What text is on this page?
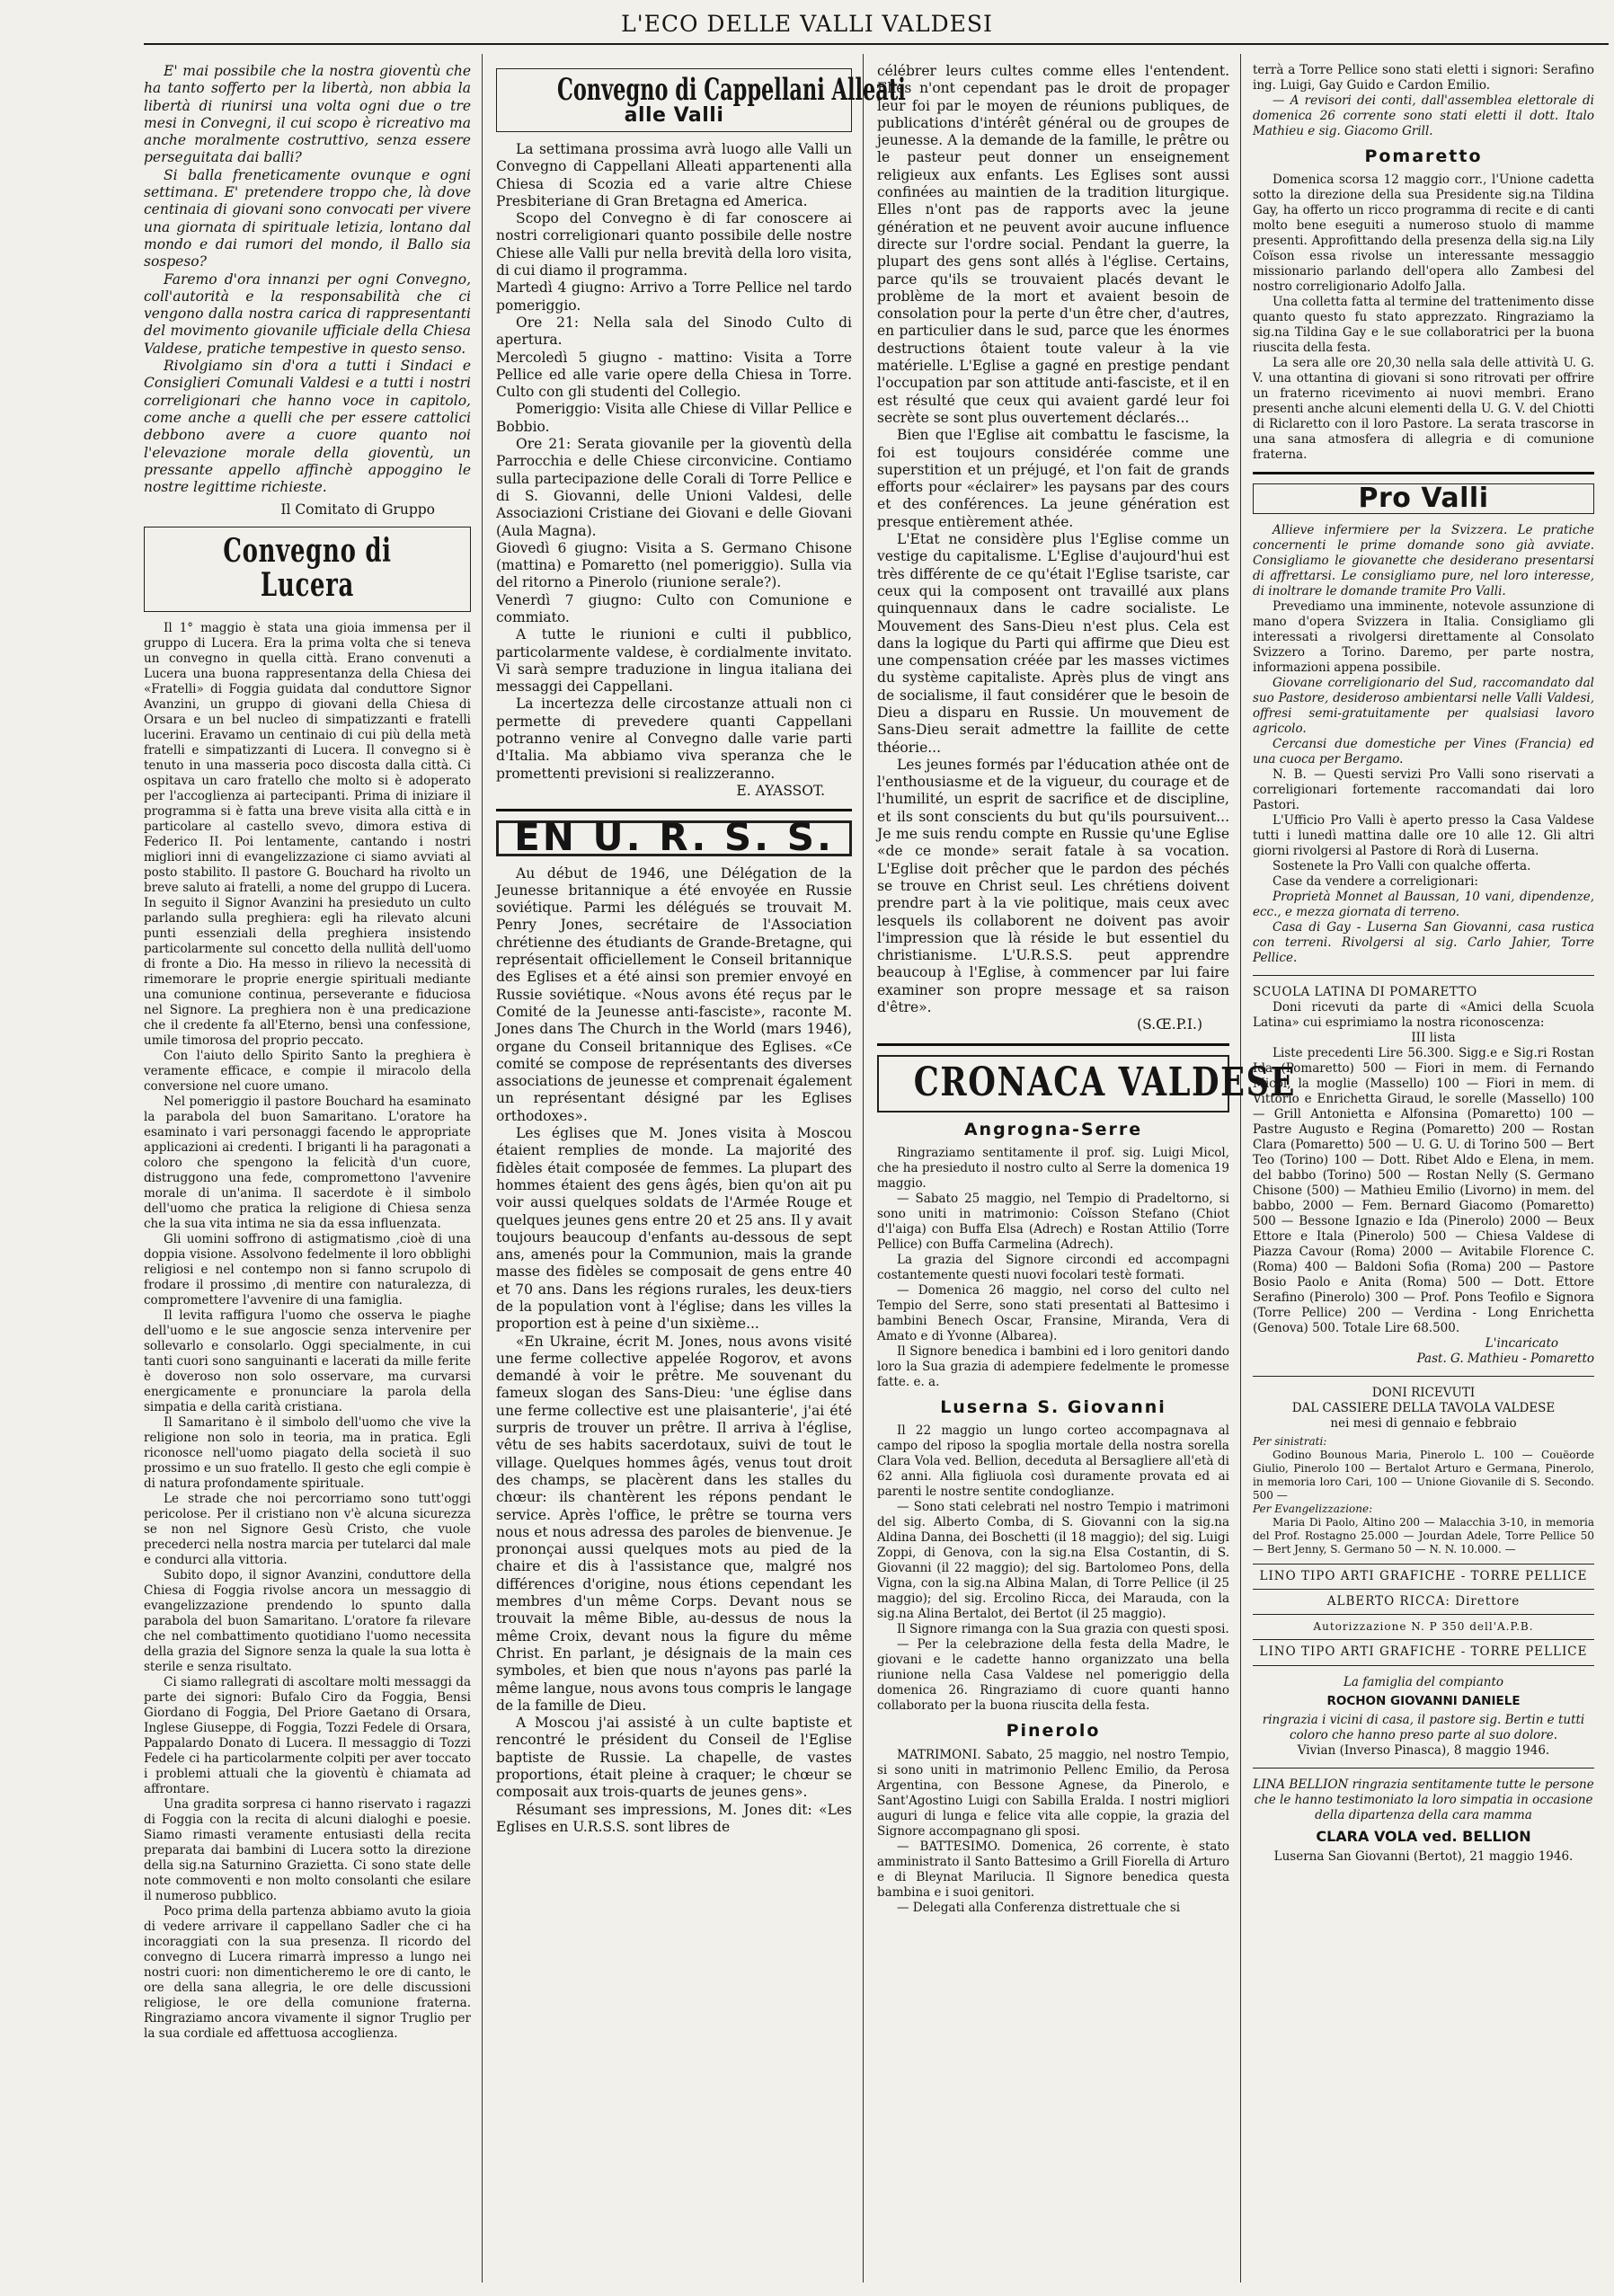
L'ECO DELLE VALLI VALDESI

E' mai possibile che la nostra gioventù che ha tanto sofferto per la libertà, non abbia la libertà di riunirsi una volta ogni due o tre mesi in Convegni, il cui scopo è ricreativo ma anche moralmente costruttivo, senza essere perseguitata dai balli?

Si balla freneticamente ovunque e ogni settimana. E' pretendere troppo che, là dove centinaia di giovani sono convocati per vivere una giornata di spirituale letizia, lontano dal mondo e dai rumori del mondo, il Ballo sia sospeso?

Faremo d'ora innanzi per ogni Convegno, coll'autorità e la responsabilità che ci vengono dalla nostra carica di rappresentanti del movimento giovanile ufficiale della Chiesa Valdese, pratiche tempestive in questo senso.

Rivolgiamo sin d'ora a tutti i Sindaci e Consiglieri Comunali Valdesi e a tutti i nostri correligionari che hanno voce in capitolo, come anche a quelli che per essere cattolici debbono avere a cuore quanto noi l'elevazione morale della gioventù, un pressante appello affinchè appoggino le nostre legittime richieste.

Il Comitato di Gruppo

Convegno di Lucera

Il 1° maggio è stata una gioia immensa per il gruppo di Lucera. Era la prima volta che si teneva un convegno in quella città. Erano convenuti a Lucera una buona rappresentanza della Chiesa dei «Fratelli» di Foggia guidata dal conduttore Signor Avanzini, un gruppo di giovani della Chiesa di Orsara e un bel nucleo di simpatizzanti e fratelli lucerini. Eravamo un centinaio di cui più della metà fratelli e simpatizzanti di Lucera. Il convegno si è tenuto in una masseria poco discosta dalla città. Ci ospitava un caro fratello che molto si è adoperato per l'accoglienza ai partecipanti. Prima di iniziare il programma si è fatta una breve visita alla città e in particolare al castello svevo, dimora estiva di Federico II. Poi lentamente, cantando i nostri migliori inni di evangelizzazione ci siamo avviati al posto stabilito. Il pastore G. Bouchard ha rivolto un breve saluto ai fratelli, a nome del gruppo di Lucera. In seguito il Signor Avanzini ha presieduto un culto parlando sulla preghiera: egli ha rilevato alcuni punti essenziali della preghiera insistendo particolarmente sul concetto della nullità dell'uomo di fronte a Dio. Ha messo in rilievo la necessità di rimemorare le proprie energie spirituali mediante una comunione continua, perseverante e fiduciosa nel Signore. La preghiera non è una predicazione che il credente fa all'Eterno, bensì una confessione, umile timorosa del proprio peccato.

Con l'aiuto dello Spirito Santo la preghiera è veramente efficace, e compie il miracolo della conversione nel cuore umano.

Nel pomeriggio il pastore Bouchard ha esaminato la parabola del buon Samaritano. L'oratore ha esaminato i vari personaggi facendo le appropriate applicazioni ai credenti. I briganti li ha paragonati a coloro che spengono la felicità d'un cuore, distruggono una fede, compromettono l'avvenire morale di un'anima. Il sacerdote è il simbolo dell'uomo che pratica la religione di Chiesa senza che la sua vita intima ne sia da essa influenzata.

Gli uomini soffrono di astigmatismo ,cioè di una doppia visione. Assolvono fedelmente il loro obblighi religiosi e nel contempo non si fanno scrupolo di frodare il prossimo ,di mentire con naturalezza, di compromettere l'avvenire di una famiglia.

Il levita raffigura l'uomo che osserva le piaghe dell'uomo e le sue angoscie senza intervenire per sollevarlo e consolarlo. Oggi specialmente, in cui tanti cuori sono sanguinanti e lacerati da mille ferite è doveroso non solo osservare, ma curvarsi energicamente e pronunciare la parola della simpatia e della carità cristiana.

Il Samaritano è il simbolo dell'uomo che vive la religione non solo in teoria, ma in pratica. Egli riconosce nell'uomo piagato della società il suo prossimo e un suo fratello. Il gesto che egli compie è di natura profondamente spirituale.

Le strade che noi percorriamo sono tutt'oggi pericolose. Per il cristiano non v'è alcuna sicurezza se non nel Signore Gesù Cristo, che vuole precederci nella nostra marcia per tutelarci dal male e condurci alla vittoria.

Subito dopo, il signor Avanzini, conduttore della Chiesa di Foggia rivolse ancora un messaggio di evangelizzazione prendendo lo spunto dalla parabola del buon Samaritano. L'oratore fa rilevare che nel combattimento quotidiano l'uomo necessita della grazia del Signore senza la quale la sua lotta è sterile e senza risultato.

Ci siamo rallegrati di ascoltare molti messaggi da parte dei signori: Bufalo Ciro da Foggia, Bensi Giordano di Foggia, Del Priore Gaetano di Orsara, Inglese Giuseppe, di Foggia, Tozzi Fedele di Orsara, Pappalardo Donato di Lucera. Il messaggio di Tozzi Fedele ci ha particolarmente colpiti per aver toccato i problemi attuali che la gioventù è chiamata ad affrontare.

Una gradita sorpresa ci hanno riservato i ragazzi di Foggia con la recita di alcuni dialoghi e poesie. Siamo rimasti veramente entusiasti della recita preparata dai bambini di Lucera sotto la direzione della sig.na Saturnino Grazietta. Ci sono state delle note commoventi e non molto consolanti che esilare il numeroso pubblico.

Poco prima della partenza abbiamo avuto la gioia di vedere arrivare il cappellano Sadler che ci ha incoraggiati con la sua presenza. Il ricordo del convegno di Lucera rimarrà impresso a lungo nei nostri cuori: non dimenticheremo le ore di canto, le ore della sana allegria, le ore delle discussioni religiose, le ore della comunione fraterna. Ringraziamo ancora vivamente il signor Truglio per la sua cordiale ed affettuosa accoglienza.

Convegno di Cappellani Alleati
alle Valli

La settimana prossima avrà luogo alle Valli un Convegno di Cappellani Alleati appartenenti alla Chiesa di Scozia ed a varie altre Chiese Presbiteriane di Gran Bretagna ed America.

Scopo del Convegno è di far conoscere ai nostri correligionari quanto possibile delle nostre Chiese alle Valli pur nella brevità della loro visita, di cui diamo il programma.

Martedì 4 giugno: Arrivo a Torre Pellice nel tardo pomeriggio.

Ore 21: Nella sala del Sinodo Culto di apertura.

Mercoledì 5 giugno - mattino: Visita a Torre Pellice ed alle varie opere della Chiesa in Torre. Culto con gli studenti del Collegio.

Pomeriggio: Visita alle Chiese di Villar Pellice e Bobbio.

Ore 21: Serata giovanile per la gioventù della Parrocchia e delle Chiese circonvicine. Contiamo sulla partecipazione delle Corali di Torre Pellice e di S. Giovanni, delle Unioni Valdesi, delle Associazioni Cristiane dei Giovani e delle Giovani (Aula Magna).

Giovedì 6 giugno: Visita a S. Germano Chisone (mattina) e Pomaretto (nel pomeriggio). Sulla via del ritorno a Pinerolo (riunione serale?).

Venerdì 7 giugno: Culto con Comunione e commiato.

A tutte le riunioni e culti il pubblico, particolarmente valdese, è cordialmente invitato. Vi sarà sempre traduzione in lingua italiana dei messaggi dei Cappellani.

La incertezza delle circostanze attuali non ci permette di prevedere quanti Cappellani potranno venire al Convegno dalle varie parti d'Italia. Ma abbiamo viva speranza che le promettenti previsioni si realizzeranno.

E. AYASSOT.

EN U. R. S. S.

Au début de 1946, une Délégation de la Jeunesse britannique a été envoyée en Russie soviétique. Parmi les délégués se trouvait M. Penry Jones, secrétaire de l'Association chrétienne des étudiants de Grande-Bretagne, qui représentait officiellement le Conseil britannique des Eglises et a été ainsi son premier envoyé en Russie soviétique. «Nous avons été reçus par le Comité de la Jeunesse anti-fasciste», raconte M. Jones dans The Church in the World (mars 1946), organe du Conseil britannique des Eglises. «Ce comité se compose de représentants des diverses associations de jeunesse et comprenait également un représentant désigné par les Eglises orthodoxes».

Les églises que M. Jones visita à Moscou étaient remplies de monde. La majorité des fidèles était composée de femmes. La plupart des hommes étaient des gens âgés, bien qu'on ait pu voir aussi quelques soldats de l'Armée Rouge et quelques jeunes gens entre 20 et 25 ans. Il y avait toujours beaucoup d'enfants au-dessous de sept ans, amenés pour la Communion, mais la grande masse des fidèles se composait de gens entre 40 et 70 ans. Dans les régions rurales, les deux-tiers de la population vont à l'église; dans les villes la proportion est à peine d'un sixième...

«En Ukraine, écrit M. Jones, nous avons visité une ferme collective appelée Rogorov, et avons demandé à voir le prêtre. Me souvenant du fameux slogan des Sans-Dieu: 'une église dans une ferme collective est une plaisanterie', j'ai été surpris de trouver un prêtre. Il arriva à l'église, vêtu de ses habits sacerdotaux, suivi de tout le village. Quelques hommes âgés, venus tout droit des champs, se placèrent dans les stalles du chœur: ils chantèrent les répons pendant le service. Après l'office, le prêtre se tourna vers nous et nous adressa des paroles de bienvenue. Je prononçai aussi quelques mots au pied de la chaire et dis à l'assistance que, malgré nos différences d'origine, nous étions cependant les membres d'un même Corps. Devant nous se trouvait la même Bible, au-dessus de nous la même Croix, devant nous la figure du même Christ. En parlant, je désignais de la main ces symboles, et bien que nous n'ayons pas parlé la même langue, nous avons tous compris le langage de la famille de Dieu.

A Moscou j'ai assisté à un culte baptiste et rencontré le président du Conseil de l'Eglise baptiste de Russie. La chapelle, de vastes proportions, était pleine à craquer; le chœur se composait aux trois-quarts de jeunes gens».

Résumant ses impressions, M. Jones dit: «Les Eglises en U.R.S.S. sont libres de

célébrer leurs cultes comme elles l'entendent. Elles n'ont cependant pas le droit de propager leur foi par le moyen de réunions publiques, de publications d'intérêt général ou de groupes de jeunesse. A la demande de la famille, le prêtre ou le pasteur peut donner un enseignement religieux aux enfants. Les Eglises sont aussi confinées au maintien de la tradition liturgique. Elles n'ont pas de rapports avec la jeune génération et ne peuvent avoir aucune influence directe sur l'ordre social. Pendant la guerre, la plupart des gens sont allés à l'église. Certains, parce qu'ils se trouvaient placés devant le problème de la mort et avaient besoin de consolation pour la perte d'un être cher, d'autres, en particulier dans le sud, parce que les énormes destructions ôtaient toute valeur à la vie matérielle. L'Eglise a gagné en prestige pendant l'occupation par son attitude anti-fasciste, et il en est résulté que ceux qui avaient gardé leur foi secrète se sont plus ouvertement déclarés...

Bien que l'Eglise ait combattu le fascisme, la foi est toujours considérée comme une superstition et un préjugé, et l'on fait de grands efforts pour «éclairer» les paysans par des cours et des conférences. La jeune génération est presque entièrement athée.

L'Etat ne considère plus l'Eglise comme un vestige du capitalisme. L'Eglise d'aujourd'hui est très différente de ce qu'était l'Eglise tsariste, car ceux qui la composent ont travaillé aux plans quinquennaux dans le cadre socialiste. Le Mouvement des Sans-Dieu n'est plus. Cela est dans la logique du Parti qui affirme que Dieu est une compensation créée par les masses victimes du système capitaliste. Après plus de vingt ans de socialisme, il faut considérer que le besoin de Dieu a disparu en Russie. Un mouvement de Sans-Dieu serait admettre la faillite de cette théorie...

Les jeunes formés par l'éducation athée ont de l'enthousiasme et de la vigueur, du courage et de l'humilité, un esprit de sacrifice et de discipline, et ils sont conscients du but qu'ils poursuivent... Je me suis rendu compte en Russie qu'une Eglise «de ce monde» serait fatale à sa vocation. L'Eglise doit prêcher que le pardon des péchés se trouve en Christ seul. Les chrétiens doivent prendre part à la vie politique, mais ceux avec lesquels ils collaborent ne doivent pas avoir l'impression que là réside le but essentiel du christianisme. L'U.R.S.S. peut apprendre beaucoup à l'Eglise, à commencer par lui faire examiner son propre message et sa raison d'être».

(S.Œ.P.I.)

CRONACA VALDESE
Angrogna-Serre

Ringraziamo sentitamente il prof. sig. Luigi Micol, che ha presieduto il nostro culto al Serre la domenica 19 maggio.

— Sabato 25 maggio, nel Tempio di Pradeltorno, si sono uniti in matrimonio: Coïsson Stefano (Chiot d'l'aiga) con Buffa Elsa (Adrech) e Rostan Attilio (Torre Pellice) con Buffa Carmelina (Adrech).

La grazia del Signore circondi ed accompagni costantemente questi nuovi focolari testè formati.

— Domenica 26 maggio, nel corso del culto nel Tempio del Serre, sono stati presentati al Battesimo i bambini Benech Oscar, Fransine, Miranda, Vera di Amato e di Yvonne (Albarea).

Il Signore benedica i bambini ed i loro genitori dando loro la Sua grazia di adempiere fedelmente le promesse fatte. e. a.

Luserna S. Giovanni

Il 22 maggio un lungo corteo accompagnava al campo del riposo la spoglia mortale della nostra sorella Clara Vola ved. Bellion, deceduta al Bersagliere all'età di 62 anni. Alla figliuola così duramente provata ed ai parenti le nostre sentite condoglianze.

— Sono stati celebrati nel nostro Tempio i matrimoni del sig. Alberto Comba, di S. Giovanni con la sig.na Aldina Danna, dei Boschetti (il 18 maggio); del sig. Luigi Zoppi, di Genova, con la sig.na Elsa Costantin, di S. Giovanni (il 22 maggio); del sig. Bartolomeo Pons, della Vigna, con la sig.na Albina Malan, di Torre Pellice (il 25 maggio); del sig. Ercolino Ricca, dei Marauda, con la sig.na Alina Bertalot, dei Bertot (il 25 maggio).

Il Signore rimanga con la Sua grazia con questi sposi.

— Per la celebrazione della festa della Madre, le giovani e le cadette hanno organizzato una bella riunione nella Casa Valdese nel pomeriggio della domenica 26. Ringraziamo di cuore quanti hanno collaborato per la buona riuscita della festa.

Pinerolo

MATRIMONI. Sabato, 25 maggio, nel nostro Tempio, si sono uniti in matrimonio Pellenc Emilio, da Perosa Argentina, con Bessone Agnese, da Pinerolo, e Sant'Agostino Luigi con Sabilla Eralda. I nostri migliori auguri di lunga e felice vita alle coppie, la grazia del Signore accompagnano gli sposi.

— BATTESIMO. Domenica, 26 corrente, è stato amministrato il Santo Battesimo a Grill Fiorella di Arturo e di Bleynat Marilucia. Il Signore benedica questa bambina e i suoi genitori.

— Delegati alla Conferenza distrettuale che si

terrà a Torre Pellice sono stati eletti i signori: Serafino ing. Luigi, Gay Guido e Cardon Emilio.

— A revisori dei conti, dall'assemblea elettorale di domenica 26 corrente sono stati eletti il dott. Italo Mathieu e sig. Giacomo Grill.

Pomaretto

Domenica scorsa 12 maggio corr., l'Unione cadetta sotto la direzione della sua Presidente sig.na Tildina Gay, ha offerto un ricco programma di recite e di canti molto bene eseguiti a numeroso stuolo di mamme presenti. Approfittando della presenza della sig.na Lily Coïson essa rivolse un interessante messaggio missionario parlando dell'opera allo Zambesi del nostro correligionario Adolfo Jalla.

Una colletta fatta al termine del trattenimento disse quanto questo fu stato apprezzato. Ringraziamo la sig.na Tildina Gay e le sue collaboratrici per la buona riuscita della festa.

La sera alle ore 20,30 nella sala delle attività U. G. V. una ottantina di giovani si sono ritrovati per offrire un fraterno ricevimento ai nuovi membri. Erano presenti anche alcuni elementi della U. G. V. del Chiotti di Riclaretto con il loro Pastore. La serata trascorse in una sana atmosfera di allegria e di comunione fraterna.

Pro Valli

Allieve infermiere per la Svizzera. Le pratiche concernenti le prime domande sono già avviate. Consigliamo le giovanette che desiderano presentarsi di affrettarsi. Le consigliamo pure, nel loro interesse, di inoltrare le domande tramite Pro Valli.

Prevediamo una imminente, notevole assunzione di mano d'opera Svizzera in Italia. Consigliamo gli interessati a rivolgersi direttamente al Consolato Svizzero a Torino. Daremo, per parte nostra, informazioni appena possibile.

Giovane correligionario del Sud, raccomandato dal suo Pastore, desideroso ambientarsi nelle Valli Valdesi, offresi semi-gratuitamente per qualsiasi lavoro agricolo.

Cercansi due domestiche per Vines (Francia) ed una cuoca per Bergamo.

N. B. — Questi servizi Pro Valli sono riservati a correligionari fortemente raccomandati dai loro Pastori.

L'Ufficio Pro Valli è aperto presso la Casa Valdese tutti i lunedì mattina dalle ore 10 alle 12. Gli altri giorni rivolgersi al Pastore di Rorà di Luserna.

Sostenete la Pro Valli con qualche offerta.

Case da vendere a correligionari:

Proprietà Monnet al Baussan, 10 vani, dipendenze, ecc., e mezza giornata di terreno.

Casa di Gay - Luserna San Giovanni, casa rustica con terreni. Rivolgersi al sig. Carlo Jahier, Torre Pellice.

SCUOLA LATINA DI POMARETTO

Doni ricevuti da parte di «Amici della Scuola Latina» cui esprimiamo la nostra riconoscenza:

III lista

Liste precedenti Lire 56.300. Sigg.e e Sig.ri Rostan Ida (Pomaretto) 500 — Fiori in mem. di Fernando Micol, la moglie (Massello) 100 — Fiori in mem. di Vittorio e Enrichetta Giraud, le sorelle (Massello) 100 — Grill Antonietta e Alfonsina (Pomaretto) 100 — Pastre Augusto e Regina (Pomaretto) 200 — Rostan Clara (Pomaretto) 500 — U. G. U. di Torino 500 — Bert Teo (Torino) 100 — Dott. Ribet Aldo e Elena, in mem. del babbo (Torino) 500 — Rostan Nelly (S. Germano Chisone (500) — Mathieu Emilio (Livorno) in mem. del babbo, 2000 — Fem. Bernard Giacomo (Pomaretto) 500 — Bessone Ignazio e Ida (Pinerolo) 2000 — Beux Ettore e Itala (Pinerolo) 500 — Chiesa Valdese di Piazza Cavour (Roma) 2000 — Avitabile Florence C. (Roma) 400 — Baldoni Sofia (Roma) 200 — Pastore Bosio Paolo e Anita (Roma) 500 — Dott. Ettore Serafino (Pinerolo) 300 — Prof. Pons Teofilo e Signora (Torre Pellice) 200 — Verdina - Long Enrichetta (Genova) 500. Totale Lire 68.500.

L'incaricato

Past. G. Mathieu - Pomaretto

DONI RICEVUTI
DAL CASSIERE DELLA TAVOLA VALDESE
nei mesi di gennaio e febbraio

Per sinistrati:

Godino Bounous Maria, Pinerolo L. 100 — Couëorde Giulio, Pinerolo 100 — Bertalot Arturo e Germana, Pinerolo, in memoria loro Cari, 100 — Unione Giovanile di S. Secondo. 500 —

Per Evangelizzazione:

Maria Di Paolo, Altino 200 — Malacchia 3-10, in memoria del Prof. Rostagno 25.000 — Jourdan Adele, Torre Pellice 50 — Bert Jenny, S. Germano 50 — N. N. 10.000. —

LINO TIPO ARTI GRAFICHE - TORRE PELLICE
ALBERTO RICCA: Direttore
Autorizzazione N. P 350 dell'A.P.B.
LINO TIPO ARTI GRAFICHE - TORRE PELLICE

La famiglia del compianto

ROCHON GIOVANNI DANIELE

ringrazia i vicini di casa, il pastore sig. Bertin e tutti coloro che hanno preso parte al suo dolore.

Vivian (Inverso Pinasca), 8 maggio 1946.

LINA BELLION ringrazia sentitamente tutte le persone che le hanno testimoniato la loro simpatia in occasione della dipartenza della cara mamma

CLARA VOLA ved. BELLION

Luserna San Giovanni (Bertot), 21 maggio 1946.
